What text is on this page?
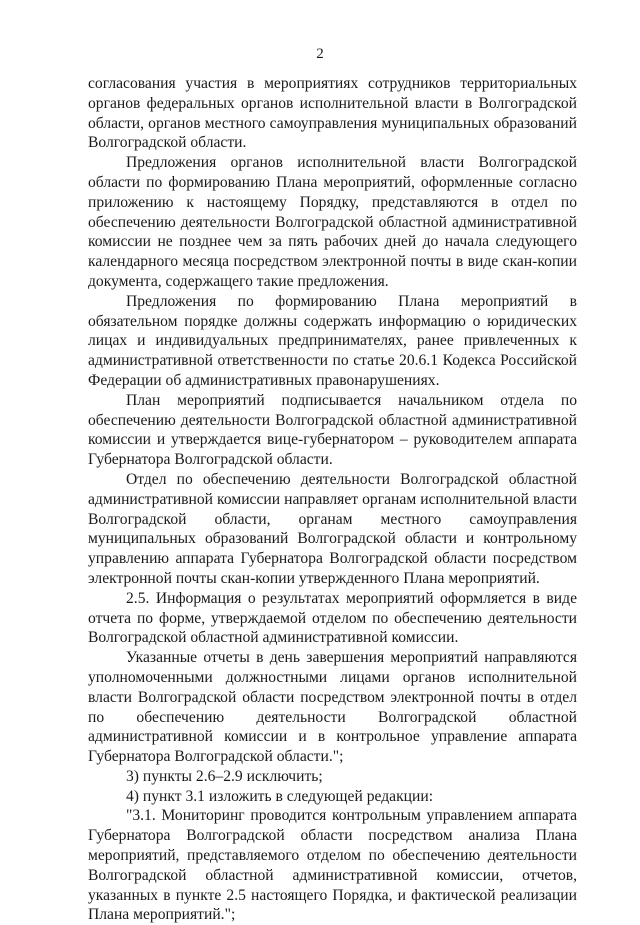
2

согласования участия в мероприятиях сотрудников территориальных органов федеральных органов исполнительной власти в Волгоградской области, органов местного самоуправления муниципальных образований Волгоградской области.

Предложения органов исполнительной власти Волгоградской области по формированию Плана мероприятий, оформленные согласно приложению к настоящему Порядку, представляются в отдел по обеспечению деятельности Волгоградской областной административной комиссии не позднее чем за пять рабочих дней до начала следующего календарного месяца посредством электронной почты в виде скан-копии документа, содержащего такие предложения.

Предложения по формированию Плана мероприятий в обязательном порядке должны содержать информацию о юридических лицах и индивидуальных предпринимателях, ранее привлеченных к административной ответственности по статье 20.6.1 Кодекса Российской Федерации об административных правонарушениях.

План мероприятий подписывается начальником отдела по обеспечению деятельности Волгоградской областной административной комиссии и утверждается вице-губернатором – руководителем аппарата Губернатора Волгоградской области.

Отдел по обеспечению деятельности Волгоградской областной административной комиссии направляет органам исполнительной власти Волгоградской области, органам местного самоуправления муниципальных образований Волгоградской области и контрольному управлению аппарата Губернатора Волгоградской области посредством электронной почты скан-копии утвержденного Плана мероприятий.

2.5. Информация о результатах мероприятий оформляется в виде отчета по форме, утверждаемой отделом по обеспечению деятельности Волгоградской областной административной комиссии.

Указанные отчеты в день завершения мероприятий направляются уполномоченными должностными лицами органов исполнительной власти Волгоградской области посредством электронной почты в отдел по обеспечению деятельности Волгоградской областной административной комиссии и в контрольное управление аппарата Губернатора Волгоградской области.";

3) пункты 2.6–2.9 исключить;

4) пункт 3.1 изложить в следующей редакции:

"3.1. Мониторинг проводится контрольным управлением аппарата Губернатора Волгоградской области посредством анализа Плана мероприятий, представляемого отделом по обеспечению деятельности Волгоградской областной административной комиссии, отчетов, указанных в пункте 2.5 настоящего Порядка, и фактической реализации Плана мероприятий.";
